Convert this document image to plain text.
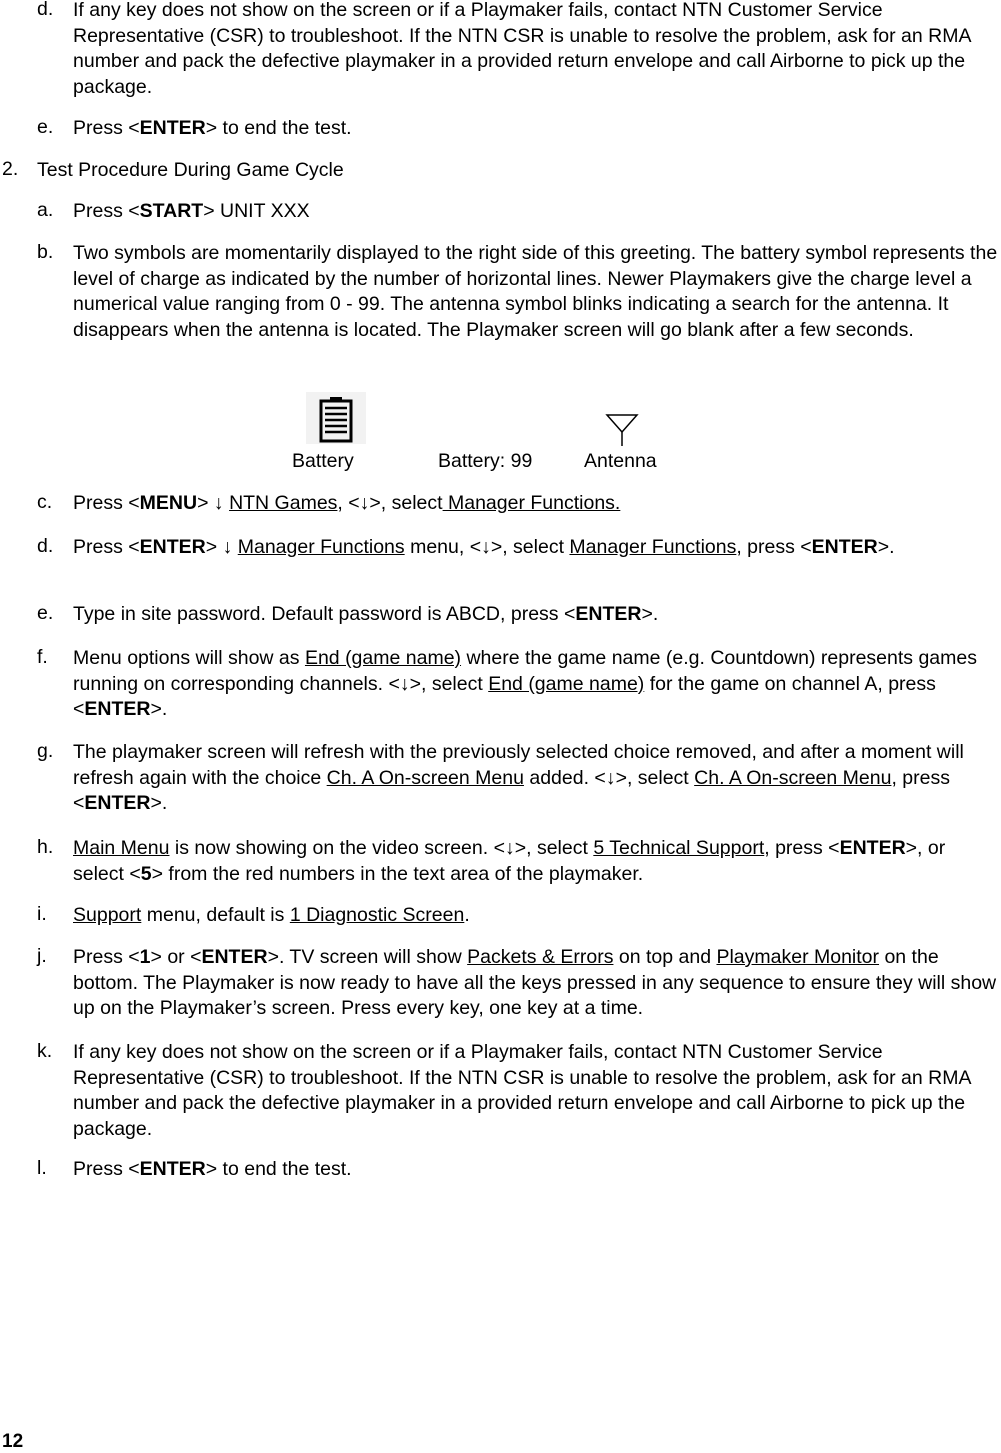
d. If any key does not show on the screen or if a Playmaker fails, contact NTN Customer Service Representative (CSR) to troubleshoot. If the NTN CSR is unable to resolve the problem, ask for an RMA number and pack the defective playmaker in a provided return envelope and call Airborne to pick up the package.
e. Press <ENTER> to end the test.
2. Test Procedure During Game Cycle
a. Press <START> UNIT XXX
b. Two symbols are momentarily displayed to the right side of this greeting. The battery symbol represents the level of charge as indicated by the number of horizontal lines. Newer Playmakers give the charge level a numerical value ranging from 0 - 99. The antenna symbol blinks indicating a search for the antenna. It disappears when the antenna is located. The Playmaker screen will go blank after a few seconds.
Battery	Battery: 99	Antenna
c. Press <MENU> ↓ NTN Games, <↓>, select Manager Functions.
d. Press <ENTER> ↓ Manager Functions menu, <↓>, select Manager Functions, press <ENTER>.
e. Type in site password. Default password is ABCD, press <ENTER>.
f. Menu options will show as End (game name) where the game name (e.g. Countdown) represents games running on corresponding channels. <↓>, select End (game name) for the game on channel A, press <ENTER>.
g. The playmaker screen will refresh with the previously selected choice removed, and after a moment will refresh again with the choice Ch. A On-screen Menu added. <↓>, select Ch. A On-screen Menu, press <ENTER>.
h. Main Menu is now showing on the video screen. <↓>, select 5 Technical Support, press <ENTER>, or select <5> from the red numbers in the text area of the playmaker.
i. Support menu, default is 1 Diagnostic Screen.
j. Press <1> or <ENTER>. TV screen will show Packets & Errors on top and Playmaker Monitor on the bottom. The Playmaker is now ready to have all the keys pressed in any sequence to ensure they will show up on the Playmaker’s screen. Press every key, one key at a time.
k. If any key does not show on the screen or if a Playmaker fails, contact NTN Customer Service Representative (CSR) to troubleshoot. If the NTN CSR is unable to resolve the problem, ask for an RMA number and pack the defective playmaker in a provided return envelope and call Airborne to pick up the package.
l. Press <ENTER> to end the test.
12
